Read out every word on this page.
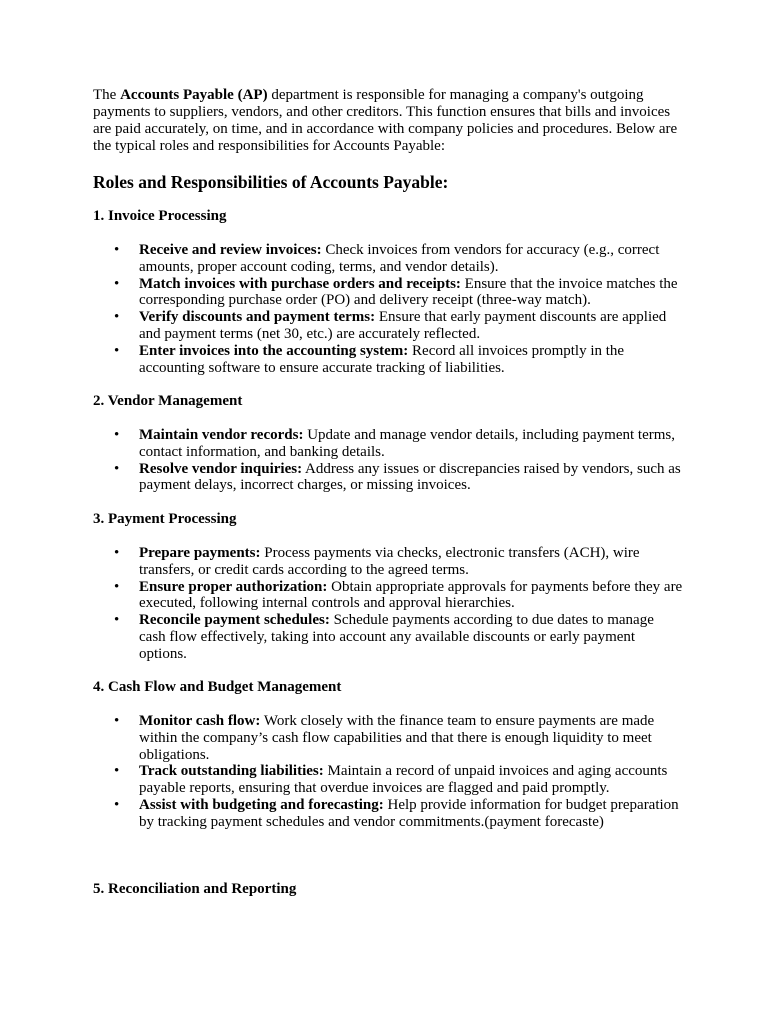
The Accounts Payable (AP) department is responsible for managing a company's outgoing payments to suppliers, vendors, and other creditors. This function ensures that bills and invoices are paid accurately, on time, and in accordance with company policies and procedures. Below are the typical roles and responsibilities for Accounts Payable:

Roles and Responsibilities of Accounts Payable:
1. Invoice Processing
• Receive and review invoices: Check invoices from vendors for accuracy (e.g., correct amounts, proper account coding, terms, and vendor details).
• Match invoices with purchase orders and receipts: Ensure that the invoice matches the corresponding purchase order (PO) and delivery receipt (three-way match).
• Verify discounts and payment terms: Ensure that early payment discounts are applied and payment terms (net 30, etc.) are accurately reflected.
• Enter invoices into the accounting system: Record all invoices promptly in the accounting software to ensure accurate tracking of liabilities.
2. Vendor Management
• Maintain vendor records: Update and manage vendor details, including payment terms, contact information, and banking details.
• Resolve vendor inquiries: Address any issues or discrepancies raised by vendors, such as payment delays, incorrect charges, or missing invoices.
3. Payment Processing
• Prepare payments: Process payments via checks, electronic transfers (ACH), wire transfers, or credit cards according to the agreed terms.
• Ensure proper authorization: Obtain appropriate approvals for payments before they are executed, following internal controls and approval hierarchies.
• Reconcile payment schedules: Schedule payments according to due dates to manage cash flow effectively, taking into account any available discounts or early payment options.
4. Cash Flow and Budget Management
• Monitor cash flow: Work closely with the finance team to ensure payments are made within the company’s cash flow capabilities and that there is enough liquidity to meet obligations.
• Track outstanding liabilities: Maintain a record of unpaid invoices and aging accounts payable reports, ensuring that overdue invoices are flagged and paid promptly.
• Assist with budgeting and forecasting: Help provide information for budget preparation by tracking payment schedules and vendor commitments.(payment forecaste)
5. Reconciliation and Reporting
